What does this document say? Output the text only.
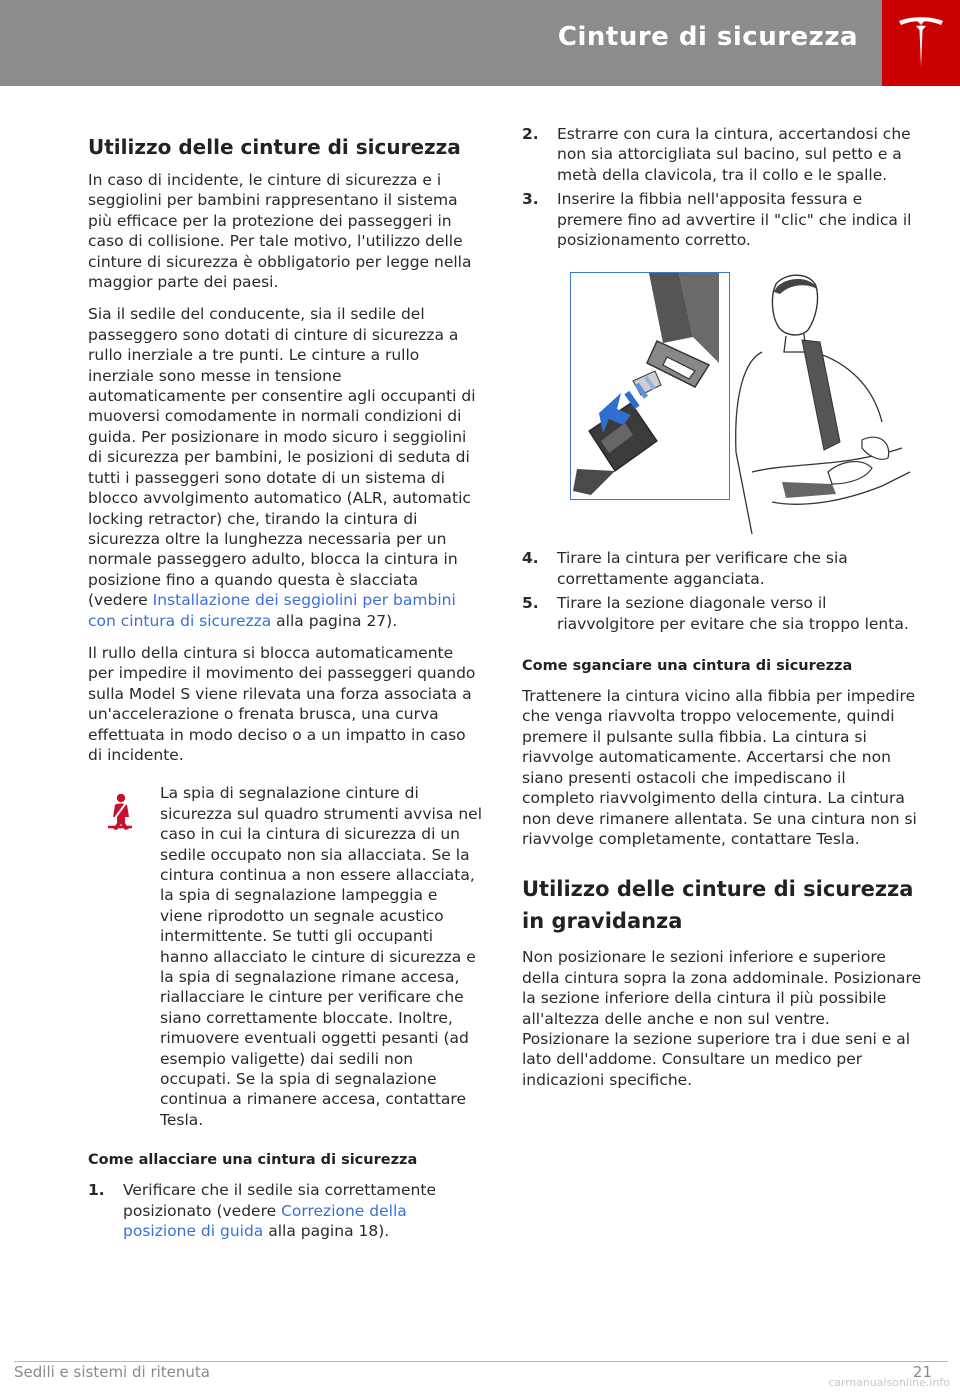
Cinture di sicurezza
Utilizzo delle cinture di sicurezza

In caso di incidente, le cinture di sicurezza e i seggiolini per bambini rappresentano il sistema più efficace per la protezione dei passeggeri in caso di collisione. Per tale motivo, l'utilizzo delle cinture di sicurezza è obbligatorio per legge nella maggior parte dei paesi.

Sia il sedile del conducente, sia il sedile del passeggero sono dotati di cinture di sicurezza a rullo inerziale a tre punti. Le cinture a rullo inerziale sono messe in tensione automaticamente per consentire agli occupanti di muoversi comodamente in normali condizioni di guida. Per posizionare in modo sicuro i seggiolini di sicurezza per bambini, le posizioni di seduta di tutti i passeggeri sono dotate di un sistema di blocco avvolgimento automatico (ALR, automatic locking retractor) che, tirando la cintura di sicurezza oltre la lunghezza necessaria per un normale passeggero adulto, blocca la cintura in posizione fino a quando questa è slacciata (vedere Installazione dei seggiolini per bambini con cintura di sicurezza alla pagina 27).

Il rullo della cintura si blocca automaticamente per impedire il movimento dei passeggeri quando sulla Model S viene rilevata una forza associata a un'accelerazione o frenata brusca, una curva effettuata in modo deciso o a un impatto in caso di incidente.

La spia di segnalazione cinture di sicurezza sul quadro strumenti avvisa nel caso in cui la cintura di sicurezza di un sedile occupato non sia allacciata. Se la cintura continua a non essere allacciata, la spia di segnalazione lampeggia e viene riprodotto un segnale acustico intermittente. Se tutti gli occupanti hanno allacciato le cinture di sicurezza e la spia di segnalazione rimane accesa, riallacciare le cinture per verificare che siano correttamente bloccate. Inoltre, rimuovere eventuali oggetti pesanti (ad esempio valigette) dai sedili non occupati. Se la spia di segnalazione continua a rimanere accesa, contattare Tesla.

Come allacciare una cintura di sicurezza
1. Verificare che il sedile sia correttamente posizionato (vedere Correzione della posizione di guida alla pagina 18).
2. Estrarre con cura la cintura, accertandosi che non sia attorcigliata sul bacino, sul petto e a metà della clavicola, tra il collo e le spalle.
3. Inserire la fibbia nell'apposita fessura e premere fino ad avvertire il "clic" che indica il posizionamento corretto.
4. Tirare la cintura per verificare che sia correttamente agganciata.
5. Tirare la sezione diagonale verso il riavvolgitore per evitare che sia troppo lenta.
Come sganciare una cintura di sicurezza

Trattenere la cintura vicino alla fibbia per impedire che venga riavvolta troppo velocemente, quindi premere il pulsante sulla fibbia. La cintura si riavvolge automaticamente. Accertarsi che non siano presenti ostacoli che impediscano il completo riavvolgimento della cintura. La cintura non deve rimanere allentata. Se una cintura non si riavvolge completamente, contattare Tesla.

Utilizzo delle cinture di sicurezza in gravidanza

Non posizionare le sezioni inferiore e superiore della cintura sopra la zona addominale. Posizionare la sezione inferiore della cintura il più possibile all'altezza delle anche e non sul ventre. Posizionare la sezione superiore tra i due seni e al lato dell'addome. Consultare un medico per indicazioni specifiche.

Sedili e sistemi di ritenuta	21
carmanualsonline.info
